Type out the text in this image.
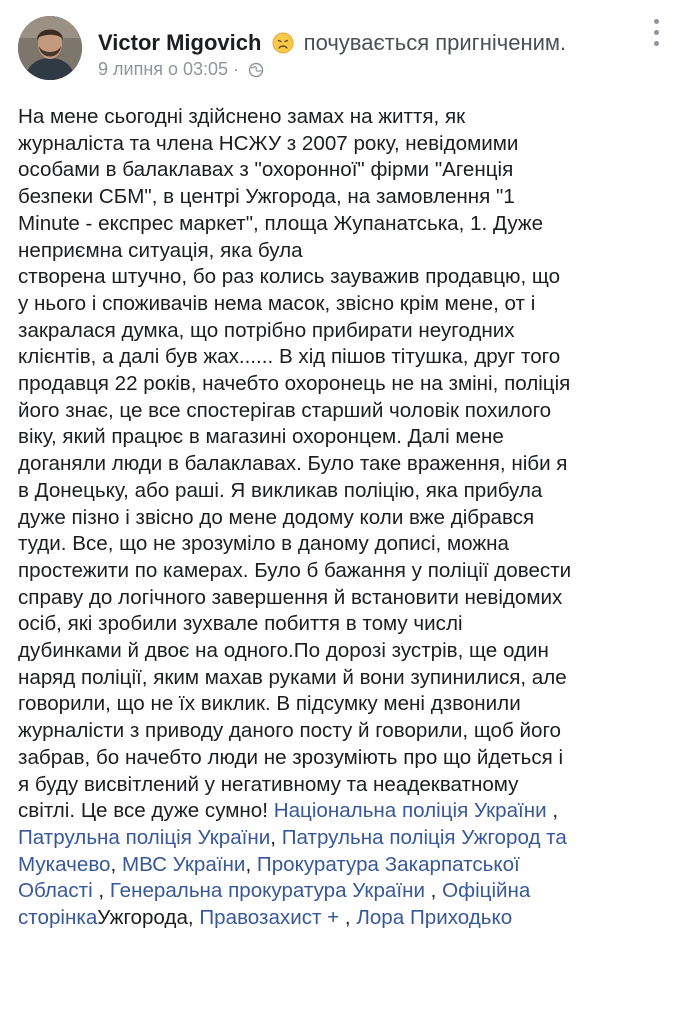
Victor Migovich почувається пригніченим.
9 липня о 03:05 ·
На мене сьогодні здійснено замах на життя, як
журналіста та члена НСЖУ з 2007 року, невідомими
особами в балаклавах з "охоронної" фірми "Агенція
безпеки СБМ", в центрі Ужгорода, на замовлення "1
Minute - експрес маркет", площа Жупанатська, 1. Дуже
неприємна ситуація, яка була
створена штучно, бо раз колись зауважив продавцю, що
у нього і споживачів нема масок, звісно крім мене, от і
закралася думка, що потрібно прибирати неугодних
клієнтів, а далі був жах...... В хід пішов тітушка, друг того
продавця 22 років, начебто охоронець не на зміні, поліція
його знає, це все спостерігав старший чоловік похилого
віку, який працює в магазині охоронцем. Далі мене
доганяли люди в балаклавах. Було таке враження, ніби я
в Донецьку, або раші. Я викликав поліцію, яка прибула
дуже пізно і звісно до мене додому коли вже дібрався
туди. Все, що не зрозуміло в даному дописі, можна
простежити по камерах. Було б бажання у поліції довести
справу до логічного завершення й встановити невідомих
осіб, які зробили зухвале побиття в тому числі
дубинками й двоє на одного.По дорозі зустрів, ще один
наряд поліції, яким махав руками й вони зупинилися, але
говорили, що не їх виклик. В підсумку мені дзвонили
журналісти з приводу даного посту й говорили, щоб його
забрав, бо начебто люди не зрозуміють про що йдеться і
я буду висвітлений у негативному та неадекватному
світлі. Це все дуже сумно! Національна поліція України ,
Патрульна поліція України, Патрульна поліція Ужгород та
Мукачево, МВС України, Прокуратура Закарпатської
Області , Генеральна прокуратура України , Офіційна
сторінкаУжгорода, Правозахист + , Лора Приходько
